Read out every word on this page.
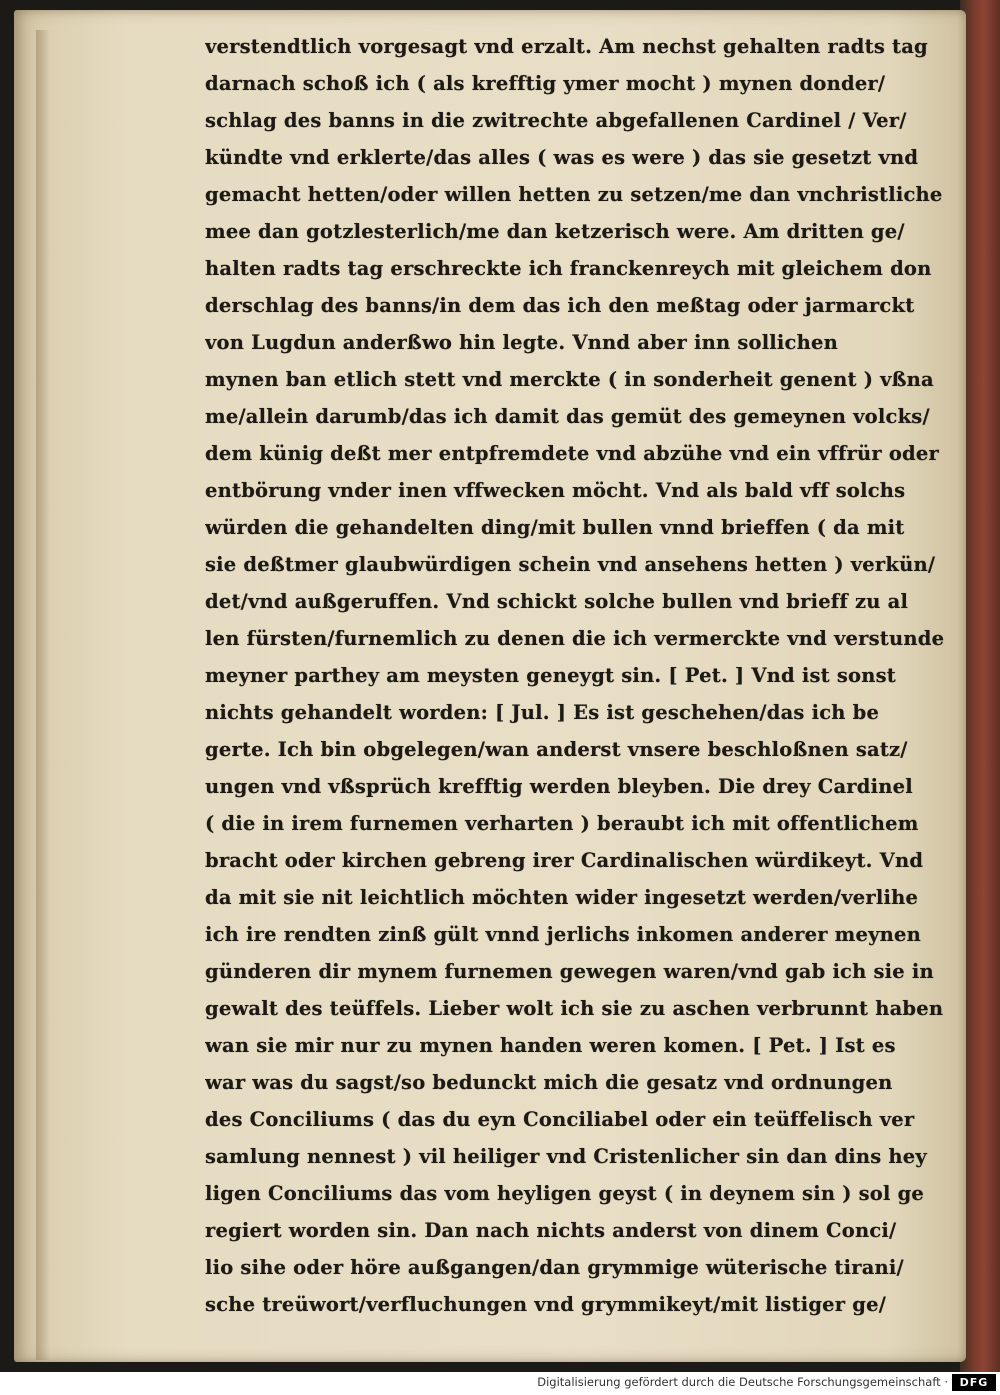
verstendtlich vorgesagt vnd erzalt. Am nechst gehalten radts tag
darnach schoß ich ( als krefftig ymer mocht ) mynen donder/
schlag des banns in die zwitrechte abgefallenen Cardinel / Ver/
kündte vnd erklerte/das alles ( was es were ) das sie gesetzt vnd
gemacht hetten/oder willen hetten zu setzen/me dan vnchristliche
mee dan gotzlesterlich/me dan ketzerisch were. Am dritten ge/
halten radts tag erschreckte ich franckenreych mit gleichem don
derschlag des banns/in dem das ich den meßtag oder jarmarckt
von Lugdun anderßwo hin legte. Vnnd aber inn sollichen
mynen ban etlich stett vnd merckte ( in sonderheit genent ) vßna
me/allein darumb/das ich damit das gemüt des gemeynen volcks/
dem künig deßt mer entpfremdete vnd abzühe vnd ein vffrür oder
entbörung vnder inen vffwecken möcht. Vnd als bald vff solchs
würden die gehandelten ding/mit bullen vnnd brieffen ( da mit
sie deßtmer glaubwürdigen schein vnd ansehens hetten ) verkün/
det/vnd außgeruffen. Vnd schickt solche bullen vnd brieff zu al
len fürsten/furnemlich zu denen die ich vermerckte vnd verstunde
meyner parthey am meysten geneygt sin. [ Pet. ] Vnd ist sonst
nichts gehandelt worden: [ Jul. ] Es ist geschehen/das ich be
gerte. Ich bin obgelegen/wan anderst vnsere beschloßnen satz/
ungen vnd vßsprüch krefftig werden bleyben. Die drey Cardinel
( die in irem furnemen verharten ) beraubt ich mit offentlichem
bracht oder kirchen gebreng irer Cardinalischen würdikeyt. Vnd
da mit sie nit leichtlich möchten wider ingesetzt werden/verlihe
ich ire rendten zinß gült vnnd jerlichs inkomen anderer meynen
günderen dir mynem furnemen gewegen waren/vnd gab ich sie in
gewalt des teüffels. Lieber wolt ich sie zu aschen verbrunnt haben
wan sie mir nur zu mynen handen weren komen. [ Pet. ] Ist es
war was du sagst/so bedunckt mich die gesatz vnd ordnungen
des Conciliums ( das du eyn Conciliabel oder ein teüffelisch ver
samlung nennest ) vil heiliger vnd Cristenlicher sin dan dins hey
ligen Conciliums das vom heyligen geyst ( in deynem sin ) sol ge
regiert worden sin. Dan nach nichts anderst von dinem Conci/
lio sihe oder höre außgangen/dan grymmige wüterische tirani/
sche treüwort/verfluchungen vnd grymmikeyt/mit listiger ge/
Digitalisierung gefördert durch die Deutsche Forschungsgemeinschaft ·	DFG
